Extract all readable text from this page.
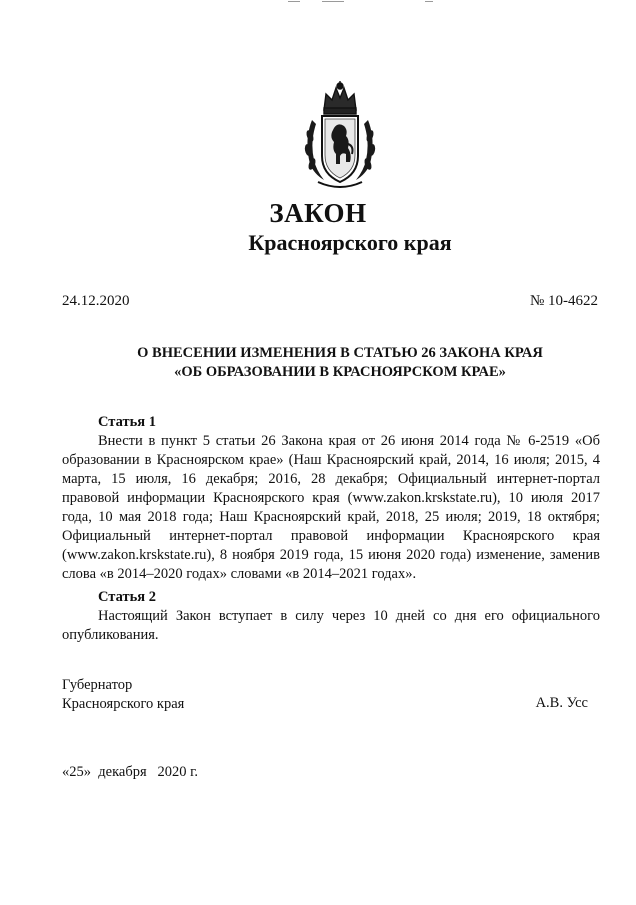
ЗАКОН
Красноярского края
24.12.2020	№ 10-4622
О ВНЕСЕНИИ ИЗМЕНЕНИЯ В СТАТЬЮ 26 ЗАКОНА КРАЯ
«ОБ ОБРАЗОВАНИИ В КРАСНОЯРСКОМ КРАЕ»
Статья 1

Внести в пункт 5 статьи 26 Закона края от 26 июня 2014 года № 6-2519 «Об образовании в Красноярском крае» (Наш Красноярский край, 2014, 16 июля; 2015, 4 марта, 15 июля, 16 декабря; 2016, 28 декабря; Официальный интернет-портал правовой информации Красноярского края (www.zakon.krskstate.ru), 10 июля 2017 года, 10 мая 2018 года; Наш Красноярский край, 2018, 25 июля; 2019, 18 октября; Официальный интернет-портал правовой информации Красноярского края (www.zakon.krskstate.ru), 8 ноября 2019 года, 15 июня 2020 года) изменение, заменив слова «в 2014–2020 годах» словами «в 2014–2021 годах».

Статья 2

Настоящий Закон вступает в силу через 10 дней со дня его официального опубликования.

Губернатор
Красноярского края	А.В. Усс
«25»  декабря   2020 г.
